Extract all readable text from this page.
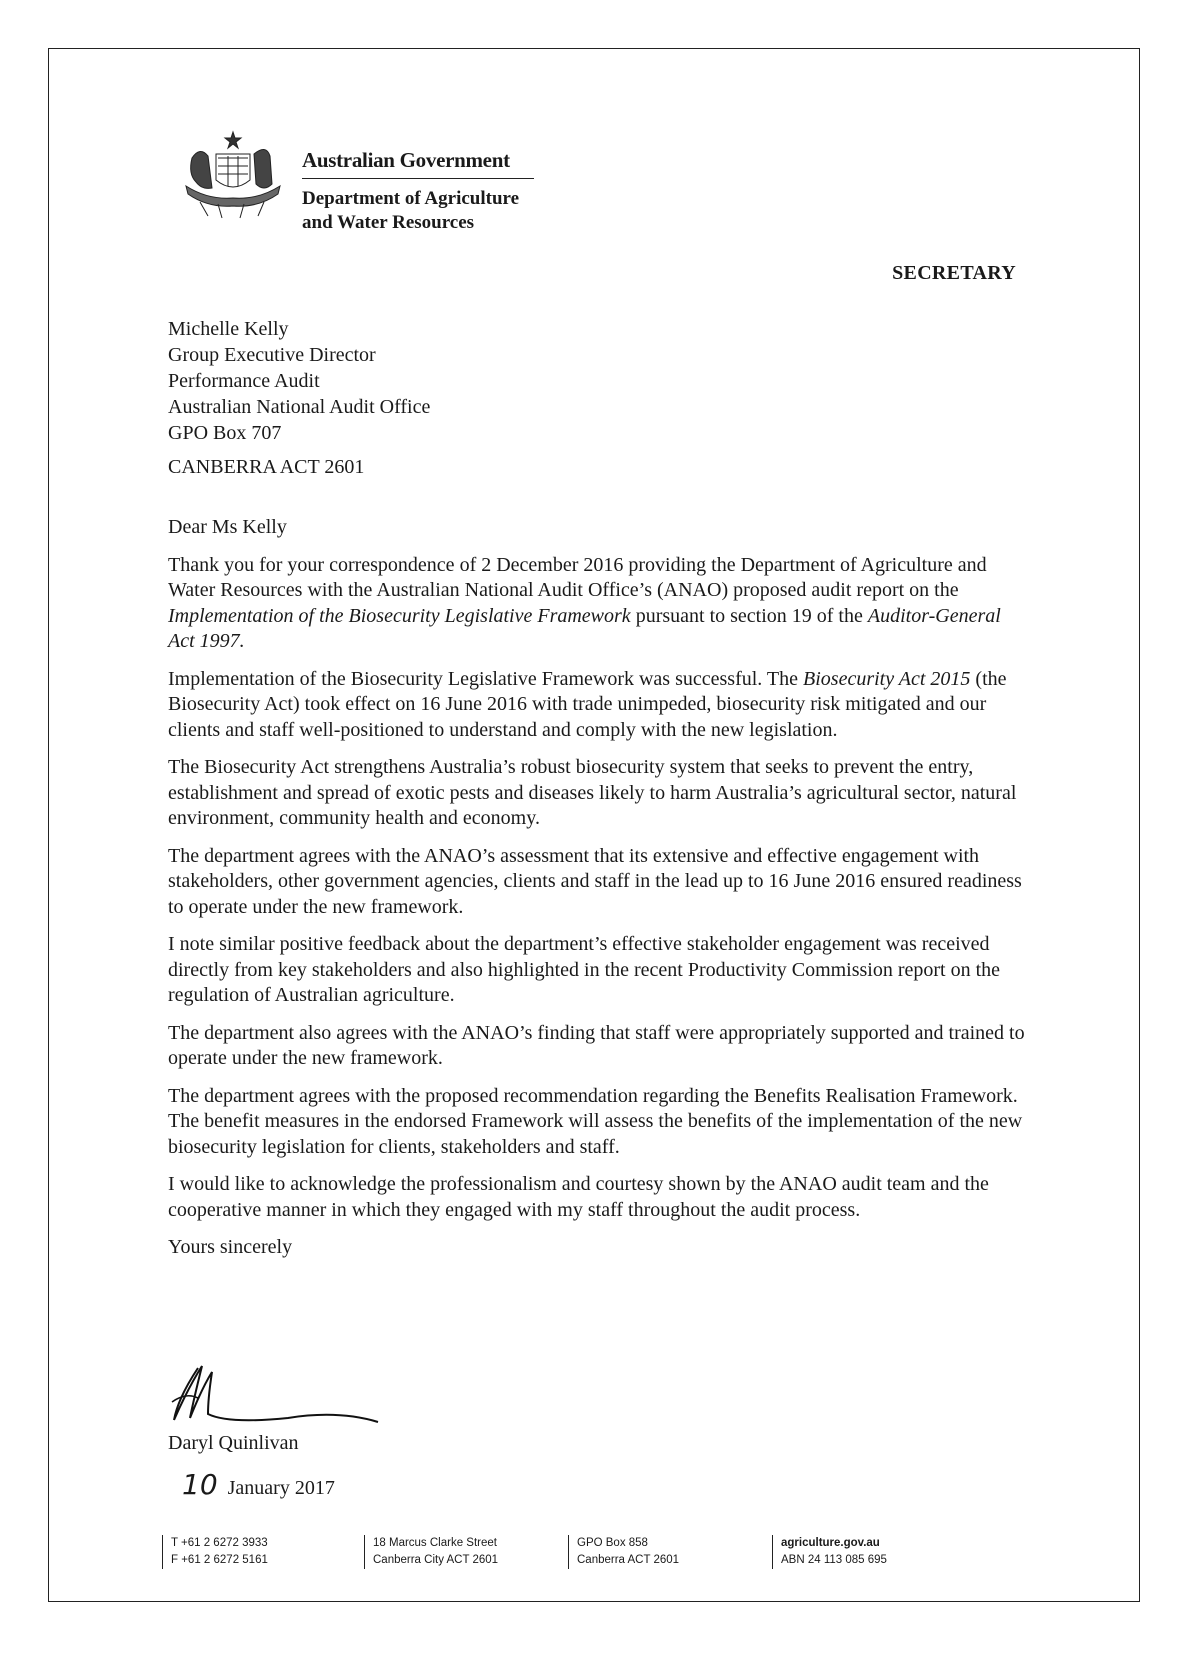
Australian Government
Department of Agriculture
and Water Resources
SECRETARY
Michelle Kelly
Group Executive Director
Performance Audit
Australian National Audit Office
GPO Box 707
CANBERRA ACT 2601

Dear Ms Kelly

Thank you for your correspondence of 2 December 2016 providing the Department of Agriculture and Water Resources with the Australian National Audit Office’s (ANAO) proposed audit report on the Implementation of the Biosecurity Legislative Framework pursuant to section 19 of the Auditor-General Act 1997.

Implementation of the Biosecurity Legislative Framework was successful. The Biosecurity Act 2015 (the Biosecurity Act) took effect on 16 June 2016 with trade unimpeded, biosecurity risk mitigated and our clients and staff well-positioned to understand and comply with the new legislation.

The Biosecurity Act strengthens Australia’s robust biosecurity system that seeks to prevent the entry, establishment and spread of exotic pests and diseases likely to harm Australia’s agricultural sector, natural environment, community health and economy.

The department agrees with the ANAO’s assessment that its extensive and effective engagement with stakeholders, other government agencies, clients and staff in the lead up to 16 June 2016 ensured readiness to operate under the new framework.

I note similar positive feedback about the department’s effective stakeholder engagement was received directly from key stakeholders and also highlighted in the recent Productivity Commission report on the regulation of Australian agriculture.

The department also agrees with the ANAO’s finding that staff were appropriately supported and trained to operate under the new framework.

The department agrees with the proposed recommendation regarding the Benefits Realisation Framework. The benefit measures in the endorsed Framework will assess the benefits of the implementation of the new biosecurity legislation for clients, stakeholders and staff.

I would like to acknowledge the professionalism and courtesy shown by the ANAO audit team and the cooperative manner in which they engaged with my staff throughout the audit process.

Yours sincerely

Daryl Quinlivan
10 January 2017
T +61 2 6272 3933
F +61 2 6272 5161
18 Marcus Clarke Street
Canberra City ACT 2601
GPO Box 858
Canberra ACT 2601
agriculture.gov.au
ABN 24 113 085 695
